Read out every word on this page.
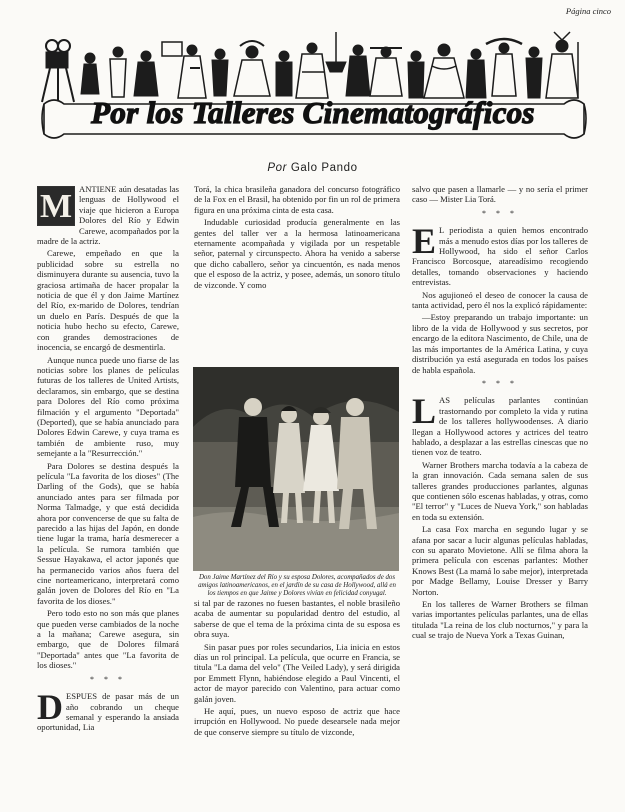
Página cinco
Por los Talleres Cinematográficos
Por Galo Pando

M ANTIENE aún desatadas las lenguas de Hollywood el viaje que hicieron a Europa Dolores del Río y Edwin Carewe, acompañados por la madre de la actriz.

Carewe, empeñado en que la publicidad sobre su estrella no disminuyera durante su ausencia, tuvo la graciosa artimaña de hacer propalar la noticia de que él y don Jaime Martínez del Río, ex-marido de Dolores, tendrían un duelo en París. Después de que la noticia hubo hecho su efecto, Carewe, con grandes demostraciones de inocencia, se encargó de desmentirla.

Aunque nunca puede uno fiarse de las noticias sobre los planes de películas futuras de los talleres de United Artists, declaramos, sin embargo, que se destina para Dolores del Río como próxima filmación y el argumento "Deportada" (Deported), que se había anunciado para Dolores Edwin Carewe, y cuya trama es también de ambiente ruso, muy semejante a la "Resurrección."

Para Dolores se destina después la película "La favorita de los dioses" (The Darling of the Gods), que se había anunciado antes para ser filmada por Norma Talmadge, y que está decidida ahora por convencerse de que su falta de parecido a las hijas del Japón, en donde tiene lugar la trama, haría desmerecer a la película. Se rumora también que Sessue Hayakawa, el actor japonés que ha permanecido varios años fuera del cine norteamericano, interpretará como galán joven de Dolores del Río en "La favorita de los dioses."

Pero todo esto no son más que planes que pueden verse cambiados de la noche a la mañana; Carewe asegura, sin embargo, que de Dolores filmará "Deportada" antes que "La favorita de los dioses."

* * *

DESPUES de pasar más de un año cobrando un cheque semanal y esperando la ansiada oportunidad, Lia

Torá, la chica brasileña ganadora del concurso fotográfico de la Fox en el Brasil, ha obtenido por fin un rol de primera figura en una próxima cinta de esta casa.

Indudable curiosidad producía generalmente en las gentes del taller ver a la hermosa latinoamericana eternamente acompañada y vigilada por un respetable señor, paternal y circunspecto. Ahora ha venido a saberse que dicho caballero, señor ya cincuentón, es nada menos que el esposo de la actriz, y posee, además, un sonoro título de vizconde. Y como

Don Jaime Martínez del Río y su esposa Dolores, acompañados de dos amigos latinoamericanos, en el jardín de su casa de Hollywood, allá en los tiempos en que Jaime y Dolores vivían en felicidad conyugal.

si tal par de razones no fuesen bastantes, el noble brasileño acaba de aumentar su popularidad dentro del estudio, al saberse de que el tema de la próxima cinta de su esposa es obra suya.

Sin pasar pues por roles secundarios, Lia inicia en estos días un rol principal. La película, que ocurre en Francia, se titula "La dama del velo" (The Veiled Lady), y será dirigida por Emmett Flynn, habiéndose elegido a Paul Vincenti, el actor de mayor parecido con Valentino, para actuar como galán joven.

He aquí, pues, un nuevo esposo de actriz que hace irrupción en Hollywood. No puede desearsele nada mejor de que conserve siempre su título de vizconde,

salvo que pasen a llamarle — y no sería el primer caso — Mister Lia Torá.

* * *

E L periodista a quien hemos encontrado más a menudo estos días por los talleres de Hollywood, ha sido el señor Carlos Francisco Borcosque, atareadísimo recogiendo detalles, tomando observaciones y haciendo entrevistas.

Nos agujioneó el deseo de conocer la causa de tanta actividad, pero él nos la explicó rápidamente:

—Estoy preparando un trabajo importante: un libro de la vida de Hollywood y sus secretos, por encargo de la editora Nascimento, de Chile, una de las más importantes de la América Latina, y cuya distribución ya está asegurada en todos los países de habla española.

* * *

LAS películas parlantes continúan trastornando por completo la vida y rutina de los talleres hollywoodenses. A diario llegan a Hollywood actores y actrices del teatro hablado, a desplazar a las estrellas cinescas que no tienen voz de teatro.

Warner Brothers marcha todavía a la cabeza de la gran innovación. Cada semana salen de sus talleres grandes producciones parlantes, algunas que contienen sólo escenas habladas, y otras, como "El terror" y "Luces de Nueva York," son habladas en toda su extensión.

La casa Fox marcha en segundo lugar y se afana por sacar a lucir algunas películas habladas, con su aparato Movietone. Allí se filma ahora la primera película con escenas parlantes: Mother Knows Best (La mamá lo sabe mejor), interpretada por Madge Bellamy, Louise Dresser y Barry Norton.

En los talleres de Warner Brothers se filman varias importantes películas parlantes, una de ellas titulada "La reina de los club nocturnos," y para la cual se trajo de Nueva York a Texas Guinan,
